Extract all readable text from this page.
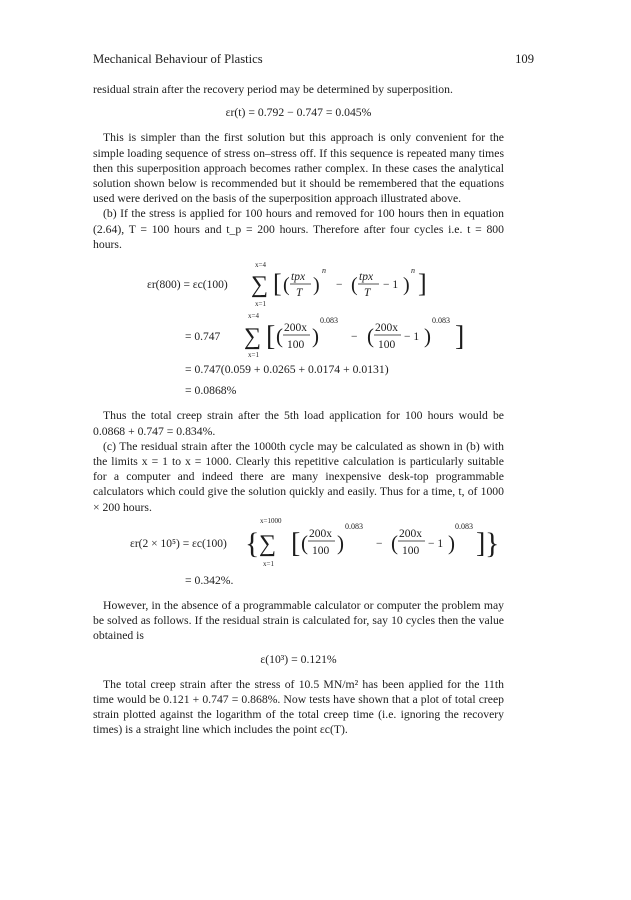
Mechanical Behaviour of Plastics	109

residual strain after the recovery period may be determined by superposition.

εr(t) = 0.792 − 0.747 = 0.045%

This is simpler than the first solution but this approach is only convenient for the simple loading sequence of stress on–stress off. If this sequence is repeated many times then this superposition approach becomes rather complex. In these cases the analytical solution shown below is recommended but it should be remembered that the equations used were derived on the basis of the superposition approach illustrated above.

(b) If the stress is applied for 100 hours and removed for 100 hours then in equation (2.64), T = 100 hours and t_p = 200 hours. Therefore after four cycles i.e. t = 800 hours.

εr(800) = εc(100)
x=4
∑
x=1
[ ( tpx
T )
n
− ( tpx
T
− 1 )
n ]
= 0.747
x=4
∑
x=1
[ ( 200x
100 )
0.083
− ( 200x
100
− 1 )
0.083
]
= 0.747(0.059 + 0.0265 + 0.0174 + 0.0131)
= 0.0868%

Thus the total creep strain after the 5th load application for 100 hours would be 0.0868 + 0.747 = 0.834%.

(c) The residual strain after the 1000th cycle may be calculated as shown in (b) with the limits x = 1 to x = 1000. Clearly this repetitive calculation is particularly suitable for a computer and indeed there are many inexpensive desk-top programmable calculators which could give the solution quickly and easily. Thus for a time, t, of 1000 × 200 hours.

εr(2 × 10⁵) = εc(100) {
x=1000
∑
x=1
[ ( 200x
100 )
0.083
− ( 200x
100
− 1 )
0.083
] }
= 0.342%.

However, in the absence of a programmable calculator or computer the problem may be solved as follows. If the residual strain is calculated for, say 10 cycles then the value obtained is

ε(10³) = 0.121%

The total creep strain after the stress of 10.5 MN/m² has been applied for the 11th time would be 0.121 + 0.747 = 0.868%. Now tests have shown that a plot of total creep strain plotted against the logarithm of the total creep time (i.e. ignoring the recovery times) is a straight line which includes the point εc(T).
